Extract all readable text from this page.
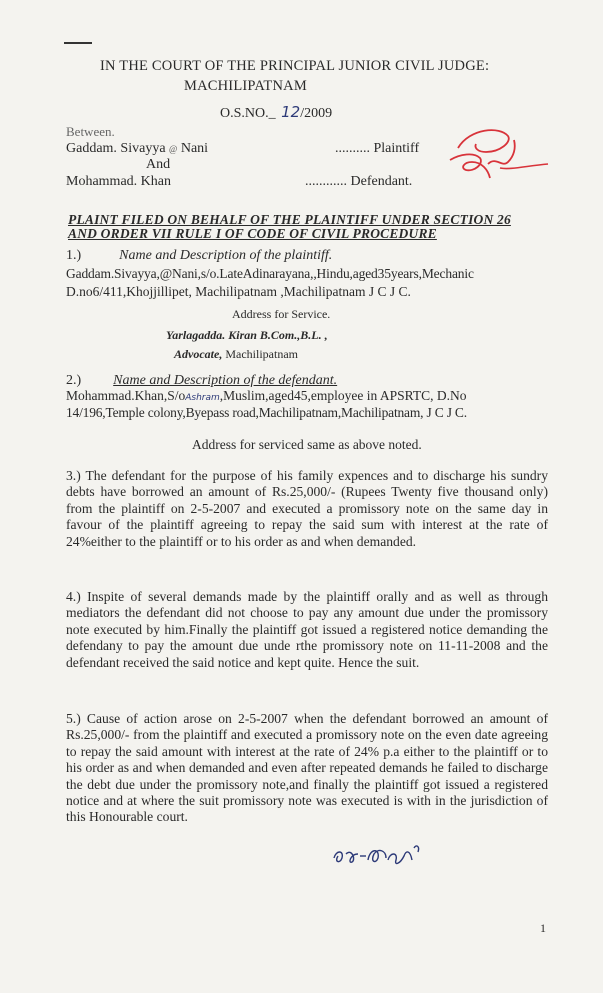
IN THE COURT OF THE PRINCIPAL JUNIOR CIVIL JUDGE:
MACHILIPATNAM
O.S.NO._ 12/2009
Between.
Gaddam. Sivayya @ Nani	.......... Plaintiff
And
Mohammad. Khan	............ Defendant.
PLAINT FILED ON BEHALF OF THE PLAINTIFF UNDER SECTION 26
AND ORDER VII RULE I OF CODE OF CIVIL PROCEDURE
1.)	Name and Description of the plaintiff.
Gaddam.Sivayya,@Nani,s/o.LateAdinarayana,,Hindu,aged35years,Mechanic
D.no6/411,Khojjillipet, Machilipatnam ,Machilipatnam J C J C.
Address for Service.
Yarlagadda. Kiran B.Com.,B.L. ,
Advocate, Machilipatnam
2.) Name and Description of the defendant.
Mohammad.Khan,S/oAshram,Muslim,aged45,employee in APSRTC, D.No
14/196,Temple colony,Byepass road,Machilipatnam,Machilipatnam, J C J C.
Address for serviced same as above noted.
3.) The defendant for the purpose of his family expences and to discharge his sundry debts have borrowed an amount of Rs.25,000/- (Rupees Twenty five thousand only) from the plaintiff on 2-5-2007 and executed a promissory note on the same day in favour of the plaintiff agreeing to repay the said sum with interest at the rate of 24%either to the plaintiff or to his order as and when demanded.
4.) Inspite of several demands made by the plaintiff orally and as well as through mediators the defendant did not choose to pay any amount due under the promissory note executed by him.Finally the plaintiff got issued a registered notice demanding the defendany to pay the amount due unde rthe promissory note on 11-11-2008 and the defendant received the said notice and kept quite. Hence the suit.
5.) Cause of action arose on 2-5-2007 when the defendant borrowed an amount of Rs.25,000/- from the plaintiff and executed a promissory note on the even date agreeing to repay the said amount with interest at the rate of 24% p.a either to the plaintiff or to his order as and when demanded and even after repeated demands he failed to discharge the debt due under the promissory note,and finally the plaintiff got issued a registered notice and at where the suit promissory note was executed is with in the jurisdiction of this Honourable court.
1
